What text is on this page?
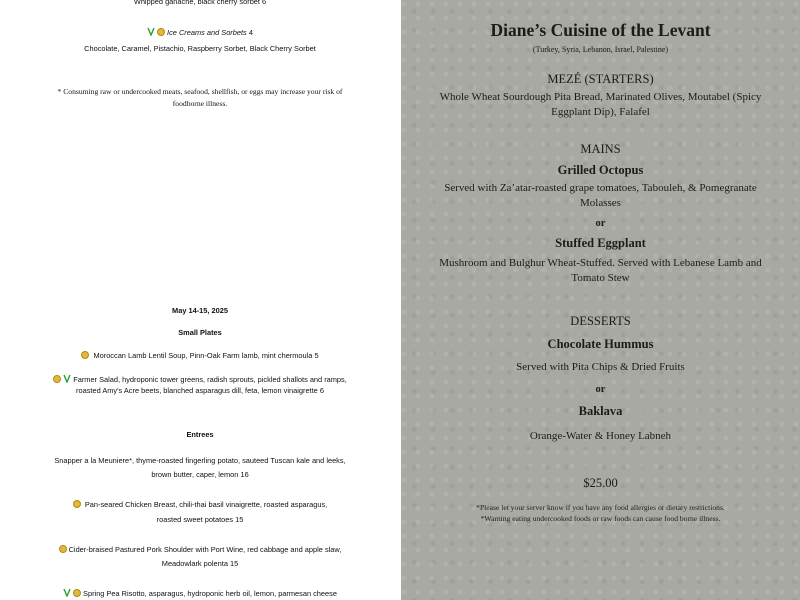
Whipped ganache, black cherry sorbet 6
Ice Creams and Sorbets 4
Chocolate, Caramel, Pistachio, Raspberry Sorbet, Black Cherry Sorbet
* Consuming raw or undercooked meats, seafood, shellfish, or eggs may increase your risk of
foodborne illness.
May 14-15, 2025
Small Plates
Moroccan Lamb Lentil Soup, Pinn-Oak Farm lamb, mint chermoula 5
Farmer Salad, hydroponic tower greens, radish sprouts, pickled shallots and ramps,
roasted Amy's Acre beets, blanched asparagus dill, feta, lemon vinaigrette 6
Entrees
Snapper a la Meuniere*, thyme-roasted fingerling potato, sauteed Tuscan kale and leeks,
brown butter, caper, lemon 16
Pan-seared Chicken Breast, chili-thai basil vinaigrette, roasted asparagus,
roasted sweet potatoes 15
Cider-braised Pastured Pork Shoulder with Port Wine, red cabbage and apple slaw,
Meadowlark polenta 15
Spring Pea Risotto, asparagus, hydroponic herb oil, lemon, parmesan cheese
Diane’s Cuisine of the Levant
(Turkey, Syria, Lebanon, Israel, Palestine)
MEZÉ (STARTERS)
Whole Wheat Sourdough Pita Bread, Marinated Olives, Moutabel (Spicy
Eggplant Dip), Falafel
MAINS
Grilled Octopus
Served with Za’atar-roasted grape tomatoes, Tabouleh, & Pomegranate
Molasses
or
Stuffed Eggplant
Mushroom and Bulghur Wheat-Stuffed. Served with Lebanese Lamb and
Tomato Stew
DESSERTS
Chocolate Hummus
Served with Pita Chips & Dried Fruits
or
Baklava
Orange-Water & Honey Labneh
$25.00
*Please let your server know if you have any food allergies or dietary restrictions.
*Warning eating undercooked foods or raw foods can cause food borne illness.
